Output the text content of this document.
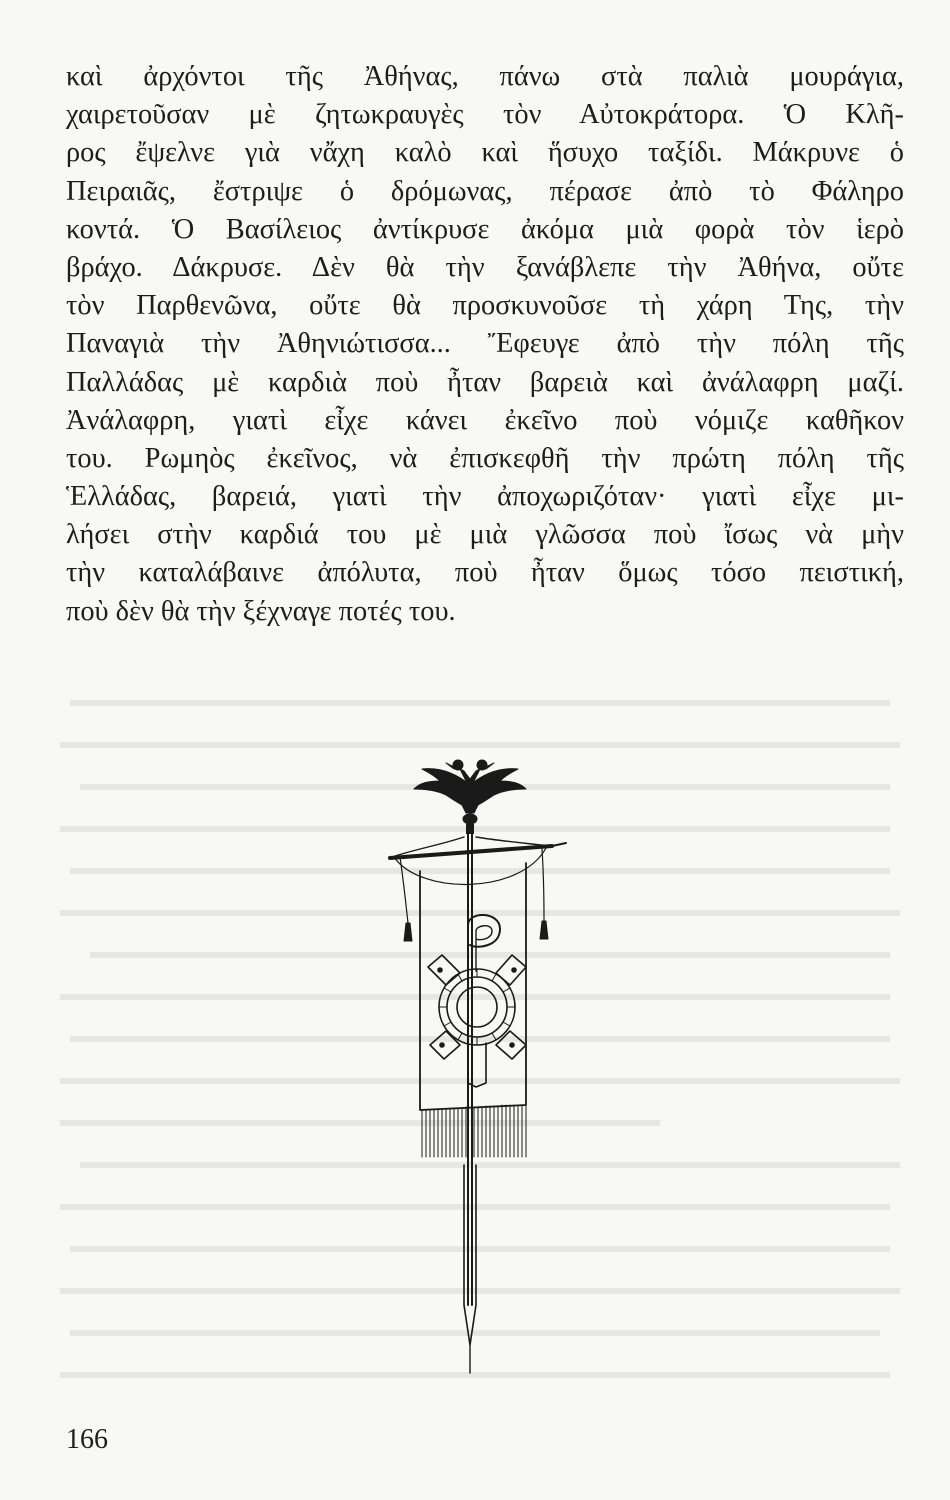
καὶ ἀρχόντοι τῆς Ἀθήνας, πάνω στὰ παλιὰ μουράγια,
χαιρετοῦσαν μὲ ζητωκραυγὲς τὸν Αὐτοκράτορα. Ὁ Κλῆ-
ρος ἔψελνε γιὰ νἄχη καλὸ καὶ ἥσυχο ταξίδι. Μάκρυνε ὁ
Πειραιᾶς, ἔστριψε ὁ δρόμωνας, πέρασε ἀπὸ τὸ Φάληρο
κοντά. Ὁ Βασίλειος ἀντίκρυσε ἀκόμα μιὰ φορὰ τὸν ἱερὸ
βράχο. Δάκρυσε. Δὲν θὰ τὴν ξανάβλεπε τὴν Ἀθήνα, οὔτε
τὸν Παρθενῶνα, οὔτε θὰ προσκυνοῦσε τὴ χάρη Της, τὴν
Παναγιὰ τὴν Ἀθηνιώτισσα... Ἔφευγε ἀπὸ τὴν πόλη τῆς
Παλλάδας μὲ καρδιὰ ποὺ ἦταν βαρειὰ καὶ ἀνάλαφρη μαζί.
Ἀνάλαφρη, γιατὶ εἶχε κάνει ἐκεῖνο ποὺ νόμιζε καθῆκον
του. Ρωμηὸς ἐκεῖνος, νὰ ἐπισκεφθῆ τὴν πρώτη πόλη τῆς
Ἑλλάδας, βαρειά, γιατὶ τὴν ἀποχωριζόταν· γιατὶ εἶχε μι-
λήσει στὴν καρδιά του μὲ μιὰ γλῶσσα ποὺ ἴσως νὰ μὴν
τὴν καταλάβαινε ἀπόλυτα, ποὺ ἦταν ὅμως τόσο πειστική,
ποὺ δὲν θὰ τὴν ξέχναγε ποτές του.
166
